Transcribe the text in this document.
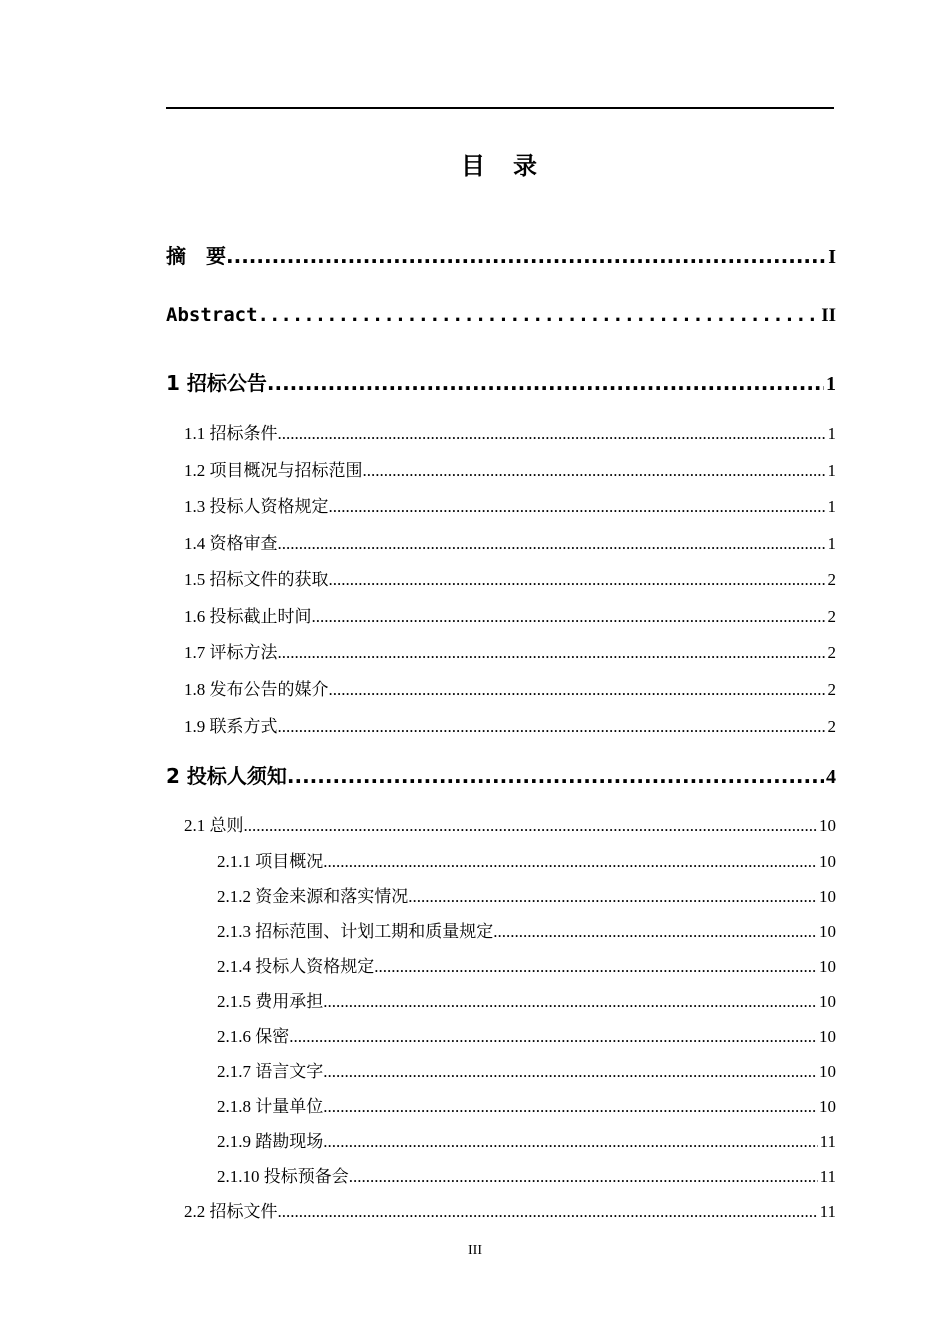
目　录
摘　要 .....	I
Abstract .....	II
1 招标公告 .....	1
1.1 招标条件 .....	1
1.2 项目概况与招标范围 .....	1
1.3 投标人资格规定 .....	1
1.4 资格审查 .....	1
1.5 招标文件的获取 .....	2
1.6 投标截止时间 .....	2
1.7 评标方法 .....	2
1.8 发布公告的媒介 .....	2
1.9 联系方式 .....	2
2 投标人须知 .....	4
2.1 总则 .....	10
2.1.1 项目概况 .....	10
2.1.2 资金来源和落实情况 .....	10
2.1.3 招标范围、计划工期和质量规定 .....	10
2.1.4 投标人资格规定 .....	10
2.1.5 费用承担 .....	10
2.1.6 保密 .....	10
2.1.7 语言文字 .....	10
2.1.8 计量单位 .....	10
2.1.9 踏勘现场 .....	11
2.1.10 投标预备会 .....	11
2.2 招标文件 .....	11
III
